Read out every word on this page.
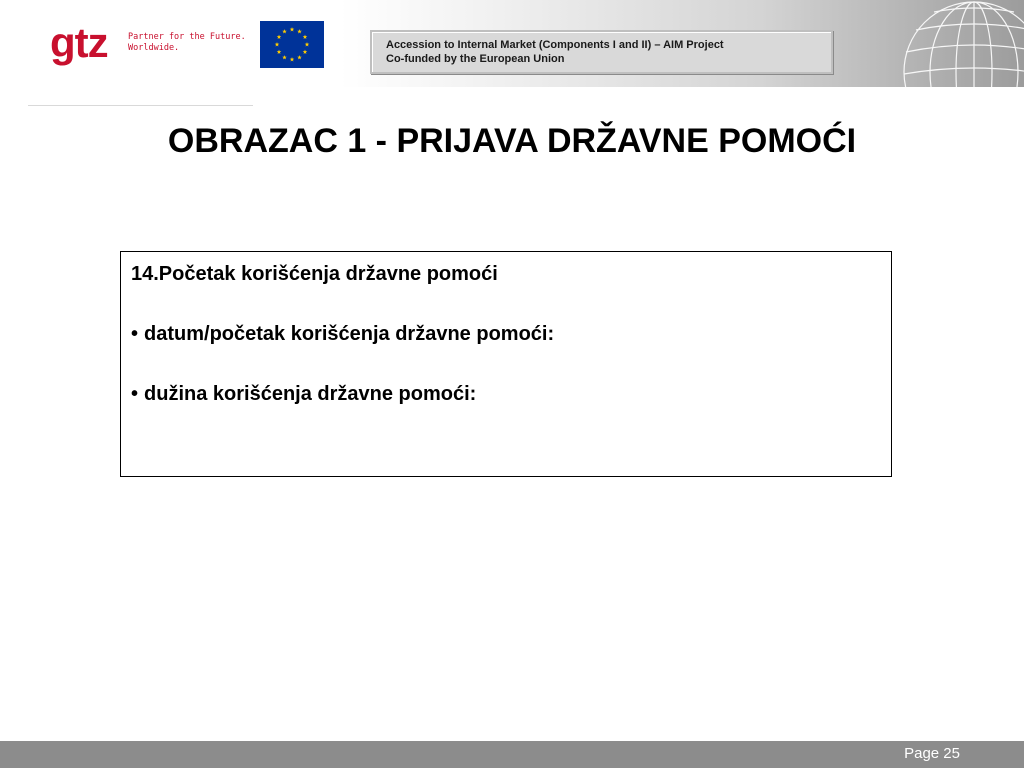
gtz Partner for the Future.
Worldwide.	Accession to Internal Market (Components I and II) – AIM Project
Co-funded by the European Union
OBRAZAC 1 - PRIJAVA DRŽAVNE POMOĆI
14.Početak korišćenja državne pomoći
• datum/početak korišćenja državne pomoći:
• dužina korišćenja državne pomoći:
Page 25
